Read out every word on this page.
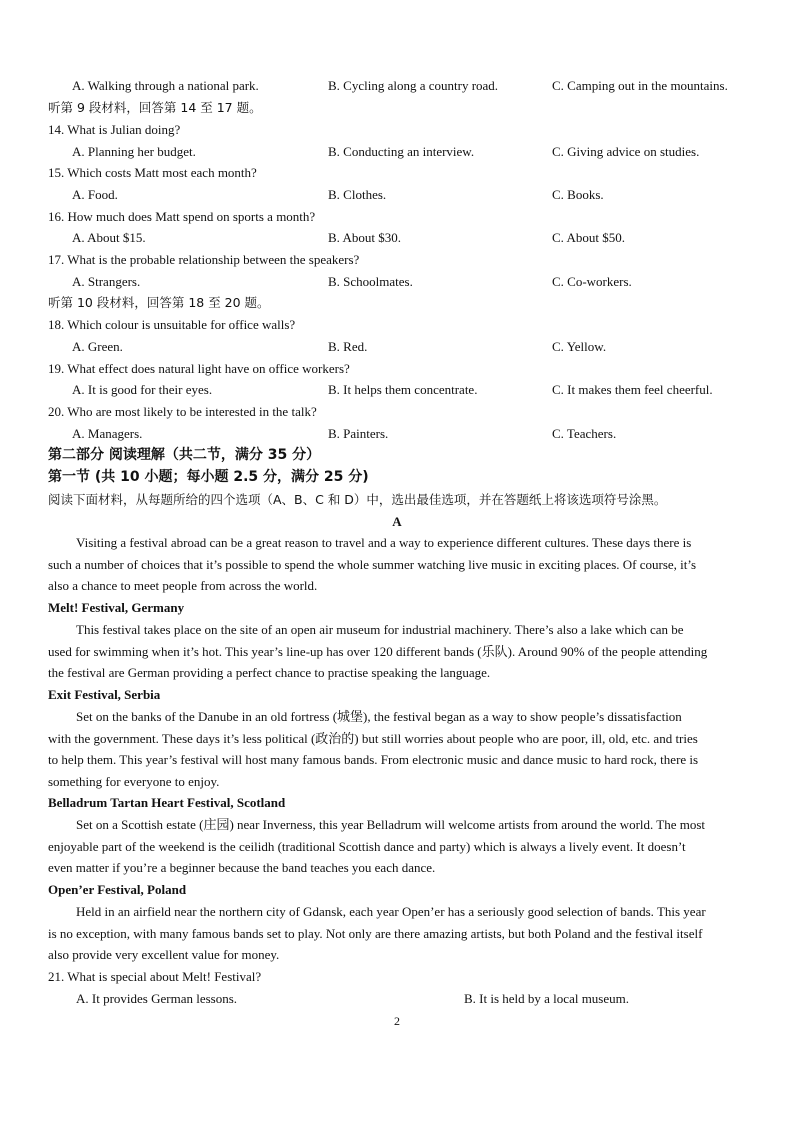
A. Walking through a national park.	B. Cycling along a country road.	C. Camping out in the mountains.
听第 9 段材料，回答第 14 至 17 题。
14. What is Julian doing?
A. Planning her budget.	B. Conducting an interview.	C. Giving advice on studies.
15. Which costs Matt most each month?
A. Food.	B. Clothes.	C. Books.
16. How much does Matt spend on sports a month?
A. About $15.	B. About $30.	C. About $50.
17. What is the probable relationship between the speakers?
A. Strangers.	B. Schoolmates.	C. Co-workers.
听第 10 段材料，回答第 18 至 20 题。
18. Which colour is unsuitable for office walls?
A. Green.	B. Red.	C. Yellow.
19. What effect does natural light have on office workers?
A. It is good for their eyes.	B. It helps them concentrate.	C. It makes them feel cheerful.
20. Who are most likely to be interested in the talk?
A. Managers.	B. Painters.	C. Teachers.
第二部分 阅读理解（共二节，满分 35 分）
第一节 (共 10 小题；每小题 2.5 分，满分 25 分)
阅读下面材料，从每题所给的四个选项（A、B、C 和 D）中，选出最佳选项，并在答题纸上将该选项符号涂黑。
A
Visiting a festival abroad can be a great reason to travel and a way to experience different cultures. These days there is
such a number of choices that it’s possible to spend the whole summer watching live music in exciting places. Of course, it’s
also a chance to meet people from across the world.
Melt! Festival, Germany
This festival takes place on the site of an open air museum for industrial machinery. There’s also a lake which can be
used for swimming when it’s hot. This year’s line-up has over 120 different bands (乐队). Around 90% of the people attending
the festival are German providing a perfect chance to practise speaking the language.
Exit Festival, Serbia
Set on the banks of the Danube in an old fortress (城堡), the festival began as a way to show people’s dissatisfaction
with the government. These days it’s less political (政治的) but still worries about people who are poor, ill, old, etc. and tries
to help them. This year’s festival will host many famous bands. From electronic music and dance music to hard rock, there is
something for everyone to enjoy.
Belladrum Tartan Heart Festival, Scotland
Set on a Scottish estate (庄园) near Inverness, this year Belladrum will welcome artists from around the world. The most
enjoyable part of the weekend is the ceilidh (traditional Scottish dance and party) which is always a lively event. It doesn’t
even matter if you’re a beginner because the band teaches you each dance.
Open’er Festival, Poland
Held in an airfield near the northern city of Gdansk, each year Open’er has a seriously good selection of bands. This year
is no exception, with many famous bands set to play. Not only are there amazing artists, but both Poland and the festival itself
also provide very excellent value for money.
21. What is special about Melt! Festival?
A. It provides German lessons.	B. It is held by a local museum.
2
